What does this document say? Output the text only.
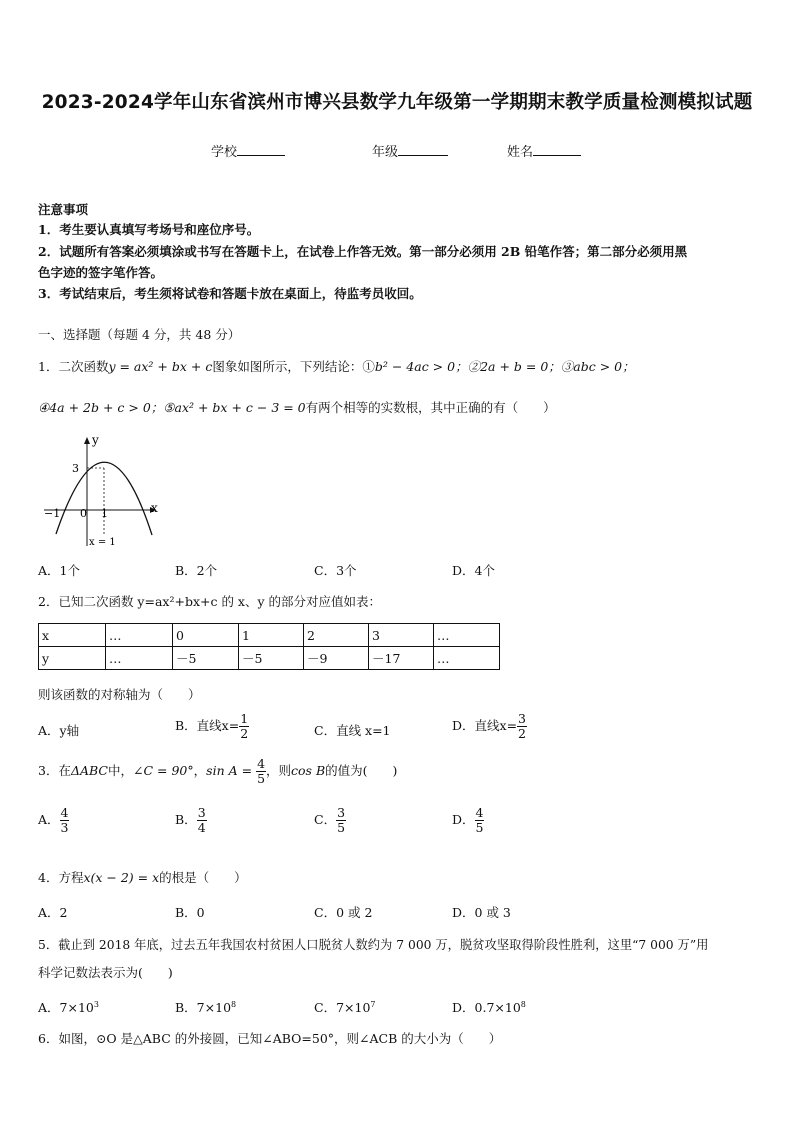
2023-2024学年山东省滨州市博兴县数学九年级第一学期期末教学质量检测模拟试题
学校	年级	姓名
注意事项
1．考生要认真填写考场号和座位序号。
2．试题所有答案必须填涂或书写在答题卡上，在试卷上作答无效。第一部分必须用 2B 铅笔作答；第二部分必须用黑
色字迹的签字笔作答。
3．考试结束后，考生须将试卷和答题卡放在桌面上，待监考员收回。
一、选择题（每题 4 分，共 48 分）
1．二次函数y = ax² + bx + c图象如图所示，下列结论：①b² − 4ac > 0；②2a + b = 0；③abc > 0；
④4a + 2b + c > 0；⑤ax² + bx + c − 3 = 0有两个相等的实数根，其中正确的有（　　）
y
x
3
−1 0 1
x = 1
A．1个	B．2个	C．3个	D．4个
2．已知二次函数 y=ax²+bx+c 的 x、y 的部分对应值如表：
x	…	0	1	2	3	…
y	…	－5	－5	－9	－17	…
则该函数的对称轴为（　　）
A．y轴	B．直线$x= \frac{1}{2}$	C．直线 x=1	D．直线$x= \frac{3}{2}$
3．在ΔABC中，∠C = 90°，$\sin A = \frac{4}{5}$ ，则cos B的值为(　　)
A． $\frac{4}{3}$	B． $\frac{3}{4}$	C． $\frac{3}{5}$	D． $\frac{4}{5}$
4．方程x(x − 2) = x的根是（　　）
A．2	B．0	C．0 或 2	D．0 或 3
5．截止到 2018 年底，过去五年我国农村贫困人口脱贫人数约为 7 000 万，脱贫攻坚取得阶段性胜利，这里“7 000 万”用
科学记数法表示为(　　)
A．$7\times 10^3$	B．$7\times 10^8$	C．$7\times 10^7$	D．$0.7\times 10^8$
6．如图，⊙O 是△ABC 的外接圆，已知∠ABO=50°，则∠ACB 的大小为（　　）
